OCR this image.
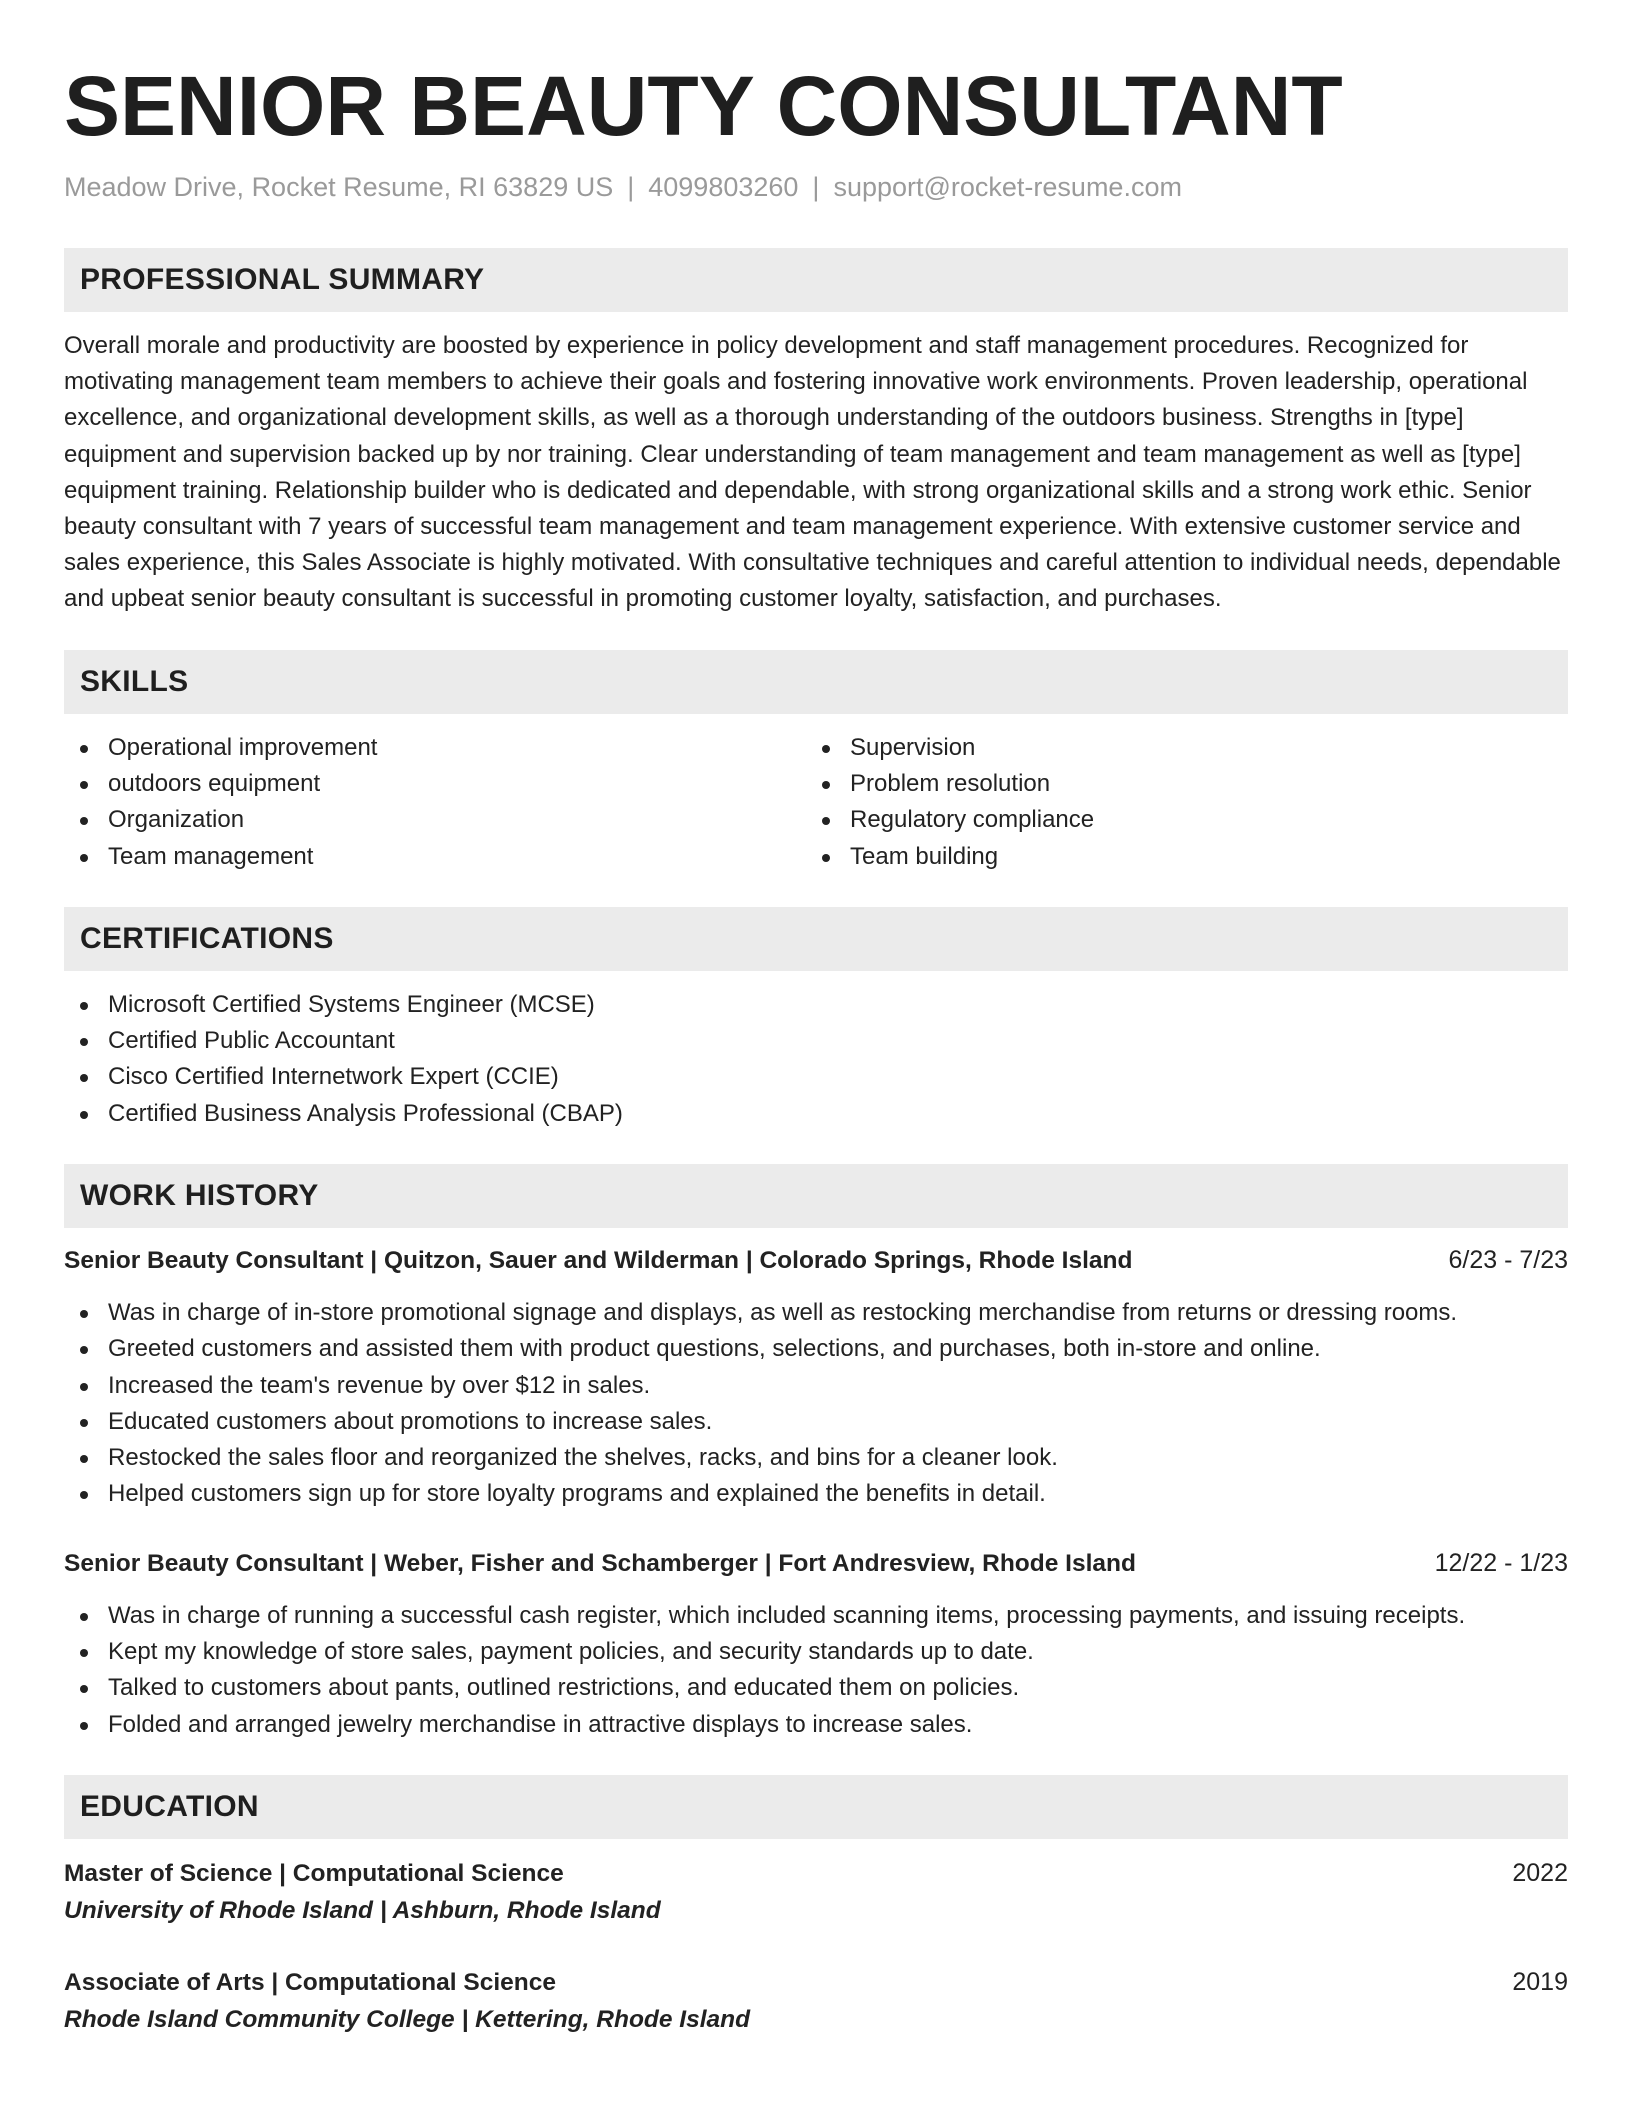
SENIOR BEAUTY CONSULTANT
Meadow Drive, Rocket Resume, RI 63829 US | 4099803260 | support@rocket-resume.com
PROFESSIONAL SUMMARY

Overall morale and productivity are boosted by experience in policy development and staff management procedures. Recognized for motivating management team members to achieve their goals and fostering innovative work environments. Proven leadership, operational excellence, and organizational development skills, as well as a thorough understanding of the outdoors business. Strengths in [type] equipment and supervision backed up by nor training. Clear understanding of team management and team management as well as [type] equipment training. Relationship builder who is dedicated and dependable, with strong organizational skills and a strong work ethic. Senior beauty consultant with 7 years of successful team management and team management experience. With extensive customer service and sales experience, this Sales Associate is highly motivated. With consultative techniques and careful attention to individual needs, dependable and upbeat senior beauty consultant is successful in promoting customer loyalty, satisfaction, and purchases.

SKILLS
Operational improvement
outdoors equipment
Organization
Team management
Supervision
Problem resolution
Regulatory compliance
Team building
CERTIFICATIONS
Microsoft Certified Systems Engineer (MCSE)
Certified Public Accountant
Cisco Certified Internetwork Expert (CCIE)
Certified Business Analysis Professional (CBAP)
WORK HISTORY
Senior Beauty Consultant | Quitzon, Sauer and Wilderman | Colorado Springs, Rhode Island	6/23 - 7/23
Was in charge of in-store promotional signage and displays, as well as restocking merchandise from returns or dressing rooms.
Greeted customers and assisted them with product questions, selections, and purchases, both in-store and online.
Increased the team's revenue by over $12 in sales.
Educated customers about promotions to increase sales.
Restocked the sales floor and reorganized the shelves, racks, and bins for a cleaner look.
Helped customers sign up for store loyalty programs and explained the benefits in detail.
Senior Beauty Consultant | Weber, Fisher and Schamberger | Fort Andresview, Rhode Island	12/22 - 1/23
Was in charge of running a successful cash register, which included scanning items, processing payments, and issuing receipts.
Kept my knowledge of store sales, payment policies, and security standards up to date.
Talked to customers about pants, outlined restrictions, and educated them on policies.
Folded and arranged jewelry merchandise in attractive displays to increase sales.
EDUCATION
Master of Science | Computational Science	2022
University of Rhode Island | Ashburn, Rhode Island
Associate of Arts | Computational Science	2019
Rhode Island Community College | Kettering, Rhode Island
